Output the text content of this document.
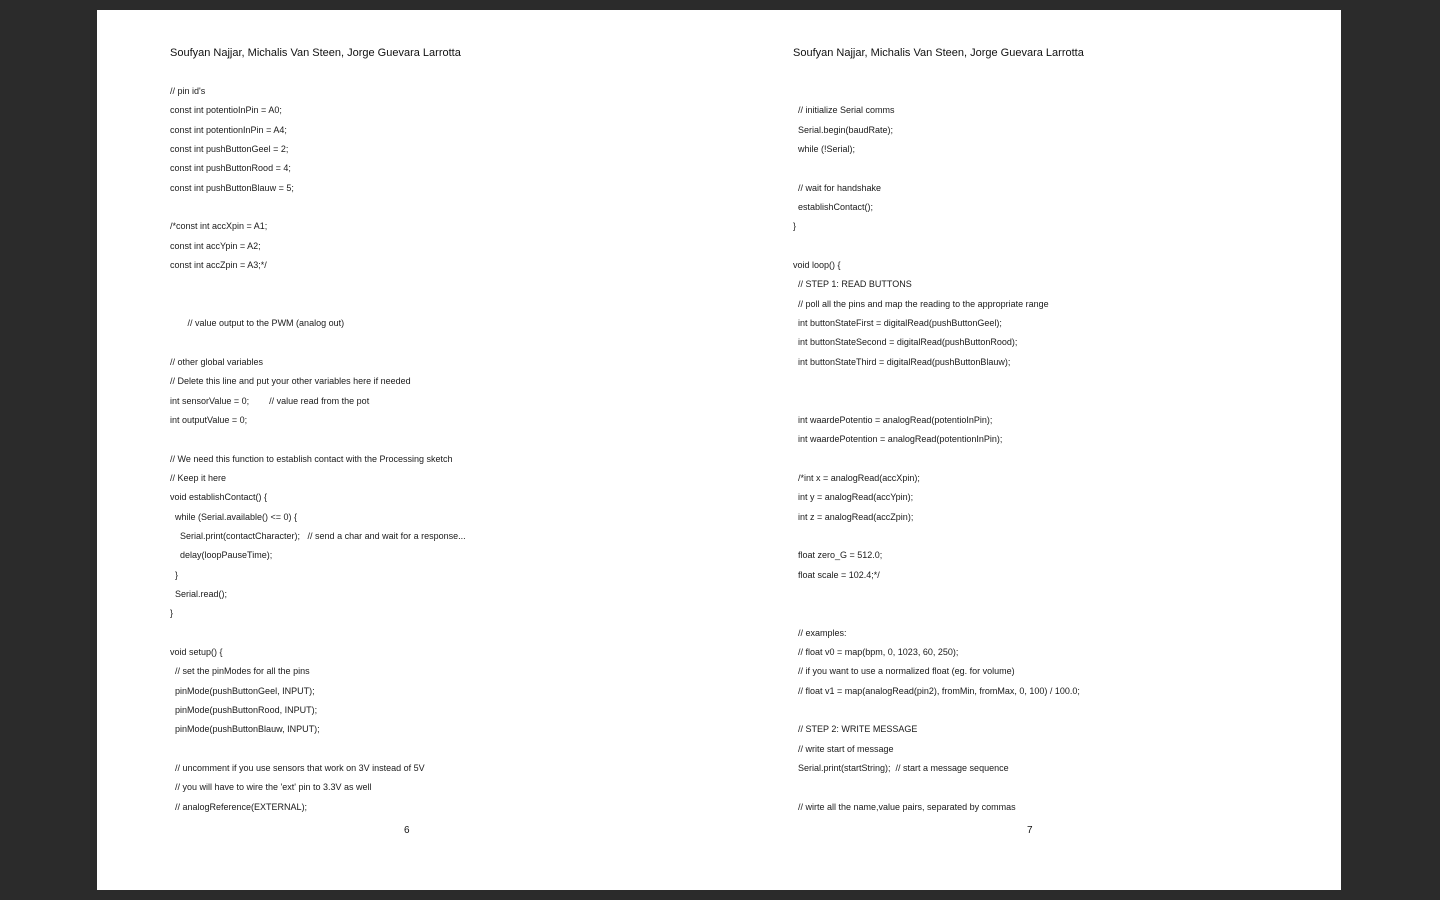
Soufyan Najjar, Michalis Van Steen, Jorge Guevara Larrotta
// pin id's
const int potentioInPin = A0;
const int potentionInPin = A4;
const int pushButtonGeel = 2;
const int pushButtonRood = 4;
const int pushButtonBlauw = 5;
/*const int accXpin = A1;
const int accYpin = A2;
const int accZpin = A3;*/
// value output to the PWM (analog out)
// other global variables
// Delete this line and put your other variables here if needed
int sensorValue = 0;        // value read from the pot
int outputValue = 0;
// We need this function to establish contact with the Processing sketch
// Keep it here
void establishContact() {
while (Serial.available() <= 0) {
Serial.print(contactCharacter);   // send a char and wait for a response...
delay(loopPauseTime);
}
Serial.read();
}
void setup() {
// set the pinModes for all the pins
pinMode(pushButtonGeel, INPUT);
pinMode(pushButtonRood, INPUT);
pinMode(pushButtonBlauw, INPUT);
// uncomment if you use sensors that work on 3V instead of 5V
// you will have to wire the 'ext' pin to 3.3V as well
// analogReference(EXTERNAL);
6
Soufyan Najjar, Michalis Van Steen, Jorge Guevara Larrotta
// initialize Serial comms
Serial.begin(baudRate);
while (!Serial);
// wait for handshake
establishContact();
}
void loop() {
// STEP 1: READ BUTTONS
// poll all the pins and map the reading to the appropriate range
int buttonStateFirst = digitalRead(pushButtonGeel);
int buttonStateSecond = digitalRead(pushButtonRood);
int buttonStateThird = digitalRead(pushButtonBlauw);
int waardePotentio = analogRead(potentioInPin);
int waardePotention = analogRead(potentionInPin);
/*int x = analogRead(accXpin);
int y = analogRead(accYpin);
int z = analogRead(accZpin);
float zero_G = 512.0;
float scale = 102.4;*/
// examples:
// float v0 = map(bpm, 0, 1023, 60, 250);
// if you want to use a normalized float (eg. for volume)
// float v1 = map(analogRead(pin2), fromMin, fromMax, 0, 100) / 100.0;
// STEP 2: WRITE MESSAGE
// write start of message
Serial.print(startString);  // start a message sequence
// wirte all the name,value pairs, separated by commas
7
